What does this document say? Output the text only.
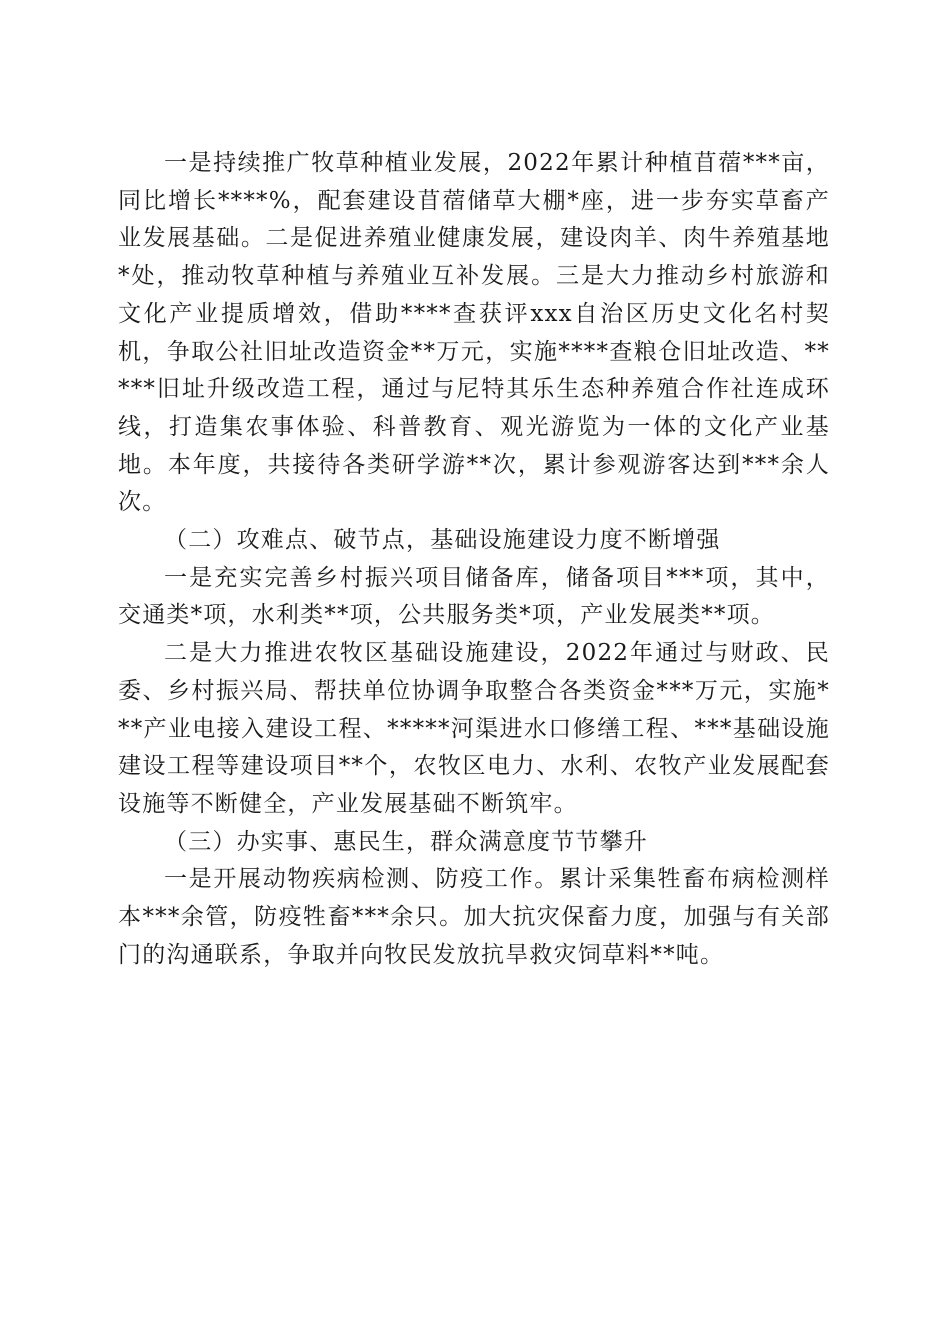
一是持续推广牧草种植业发展，2022年累计种植苜蓿***亩，同比增长****%，配套建设苜蓿储草大棚*座，进一步夯实草畜产业发展基础。二是促进养殖业健康发展，建设肉羊、肉牛养殖基地*处，推动牧草种植与养殖业互补发展。三是大力推动乡村旅游和文化产业提质增效，借助****查获评xxx自治区历史文化名村契机，争取公社旧址改造资金**万元，实施****查粮仓旧址改造、*****旧址升级改造工程，通过与尼特其乐生态种养殖合作社连成环线，打造集农事体验、科普教育、观光游览为一体的文化产业基地。本年度，共接待各类研学游**次，累计参观游客达到***余人次。

（二）攻难点、破节点，基础设施建设力度不断增强

一是充实完善乡村振兴项目储备库，储备项目***项，其中，交通类*项，水利类**项，公共服务类*项，产业发展类**项。

二是大力推进农牧区基础设施建设，2022年通过与财政、民委、乡村振兴局、帮扶单位协调争取整合各类资金***万元，实施***产业电接入建设工程、*****河渠进水口修缮工程、***基础设施建设工程等建设项目**个，农牧区电力、水利、农牧产业发展配套设施等不断健全，产业发展基础不断筑牢。

（三）办实事、惠民生，群众满意度节节攀升

一是开展动物疾病检测、防疫工作。累计采集牲畜布病检测样本***余管，防疫牲畜***余只。加大抗灾保畜力度，加强与有关部门的沟通联系，争取并向牧民发放抗旱救灾饲草料**吨。
